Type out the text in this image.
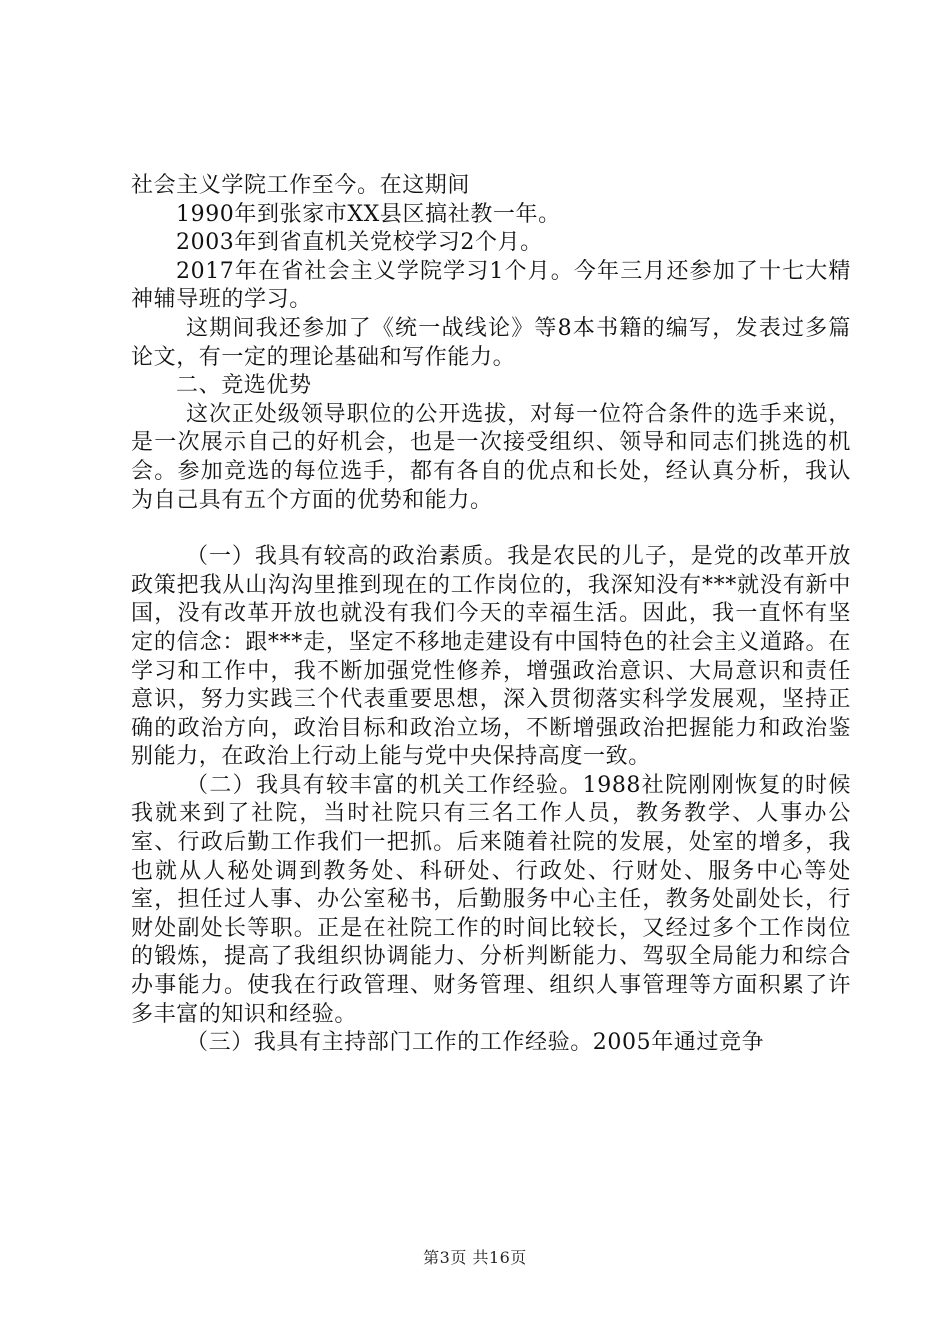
社会主义学院工作至今。在这期间

1990年到张家市XX县区搞社教一年。

2003年到省直机关党校学习2个月。

2017年在省社会主义学院学习1个月。今年三月还参加了十七大精神辅导班的学习。

这期间我还参加了《统一战线论》等8本书籍的编写，发表过多篇论文，有一定的理论基础和写作能力。

二、竞选优势

这次正处级领导职位的公开选拔，对每一位符合条件的选手来说，是一次展示自己的好机会，也是一次接受组织、领导和同志们挑选的机会。参加竞选的每位选手，都有各自的优点和长处，经认真分析，我认为自己具有五个方面的优势和能力。

（一）我具有较高的政治素质。我是农民的儿子，是党的改革开放政策把我从山沟沟里推到现在的工作岗位的，我深知没有***就没有新中国，没有改革开放也就没有我们今天的幸福生活。因此，我一直怀有坚定的信念：跟***走，坚定不移地走建设有中国特色的社会主义道路。在学习和工作中，我不断加强党性修养，增强政治意识、大局意识和责任意识，努力实践三个代表重要思想，深入贯彻落实科学发展观，坚持正确的政治方向，政治目标和政治立场，不断增强政治把握能力和政治鉴别能力，在政治上行动上能与党中央保持高度一致。

（二）我具有较丰富的机关工作经验。1988社院刚刚恢复的时候我就来到了社院，当时社院只有三名工作人员，教务教学、人事办公室、行政后勤工作我们一把抓。后来随着社院的发展，处室的增多，我也就从人秘处调到教务处、科研处、行政处、行财处、服务中心等处室，担任过人事、办公室秘书，后勤服务中心主任，教务处副处长，行财处副处长等职。正是在社院工作的时间比较长，又经过多个工作岗位的锻炼，提高了我组织协调能力、分析判断能力、驾驭全局能力和综合办事能力。使我在行政管理、财务管理、组织人事管理等方面积累了许多丰富的知识和经验。

（三）我具有主持部门工作的工作经验。2005年通过竞争

第3页 共16页
